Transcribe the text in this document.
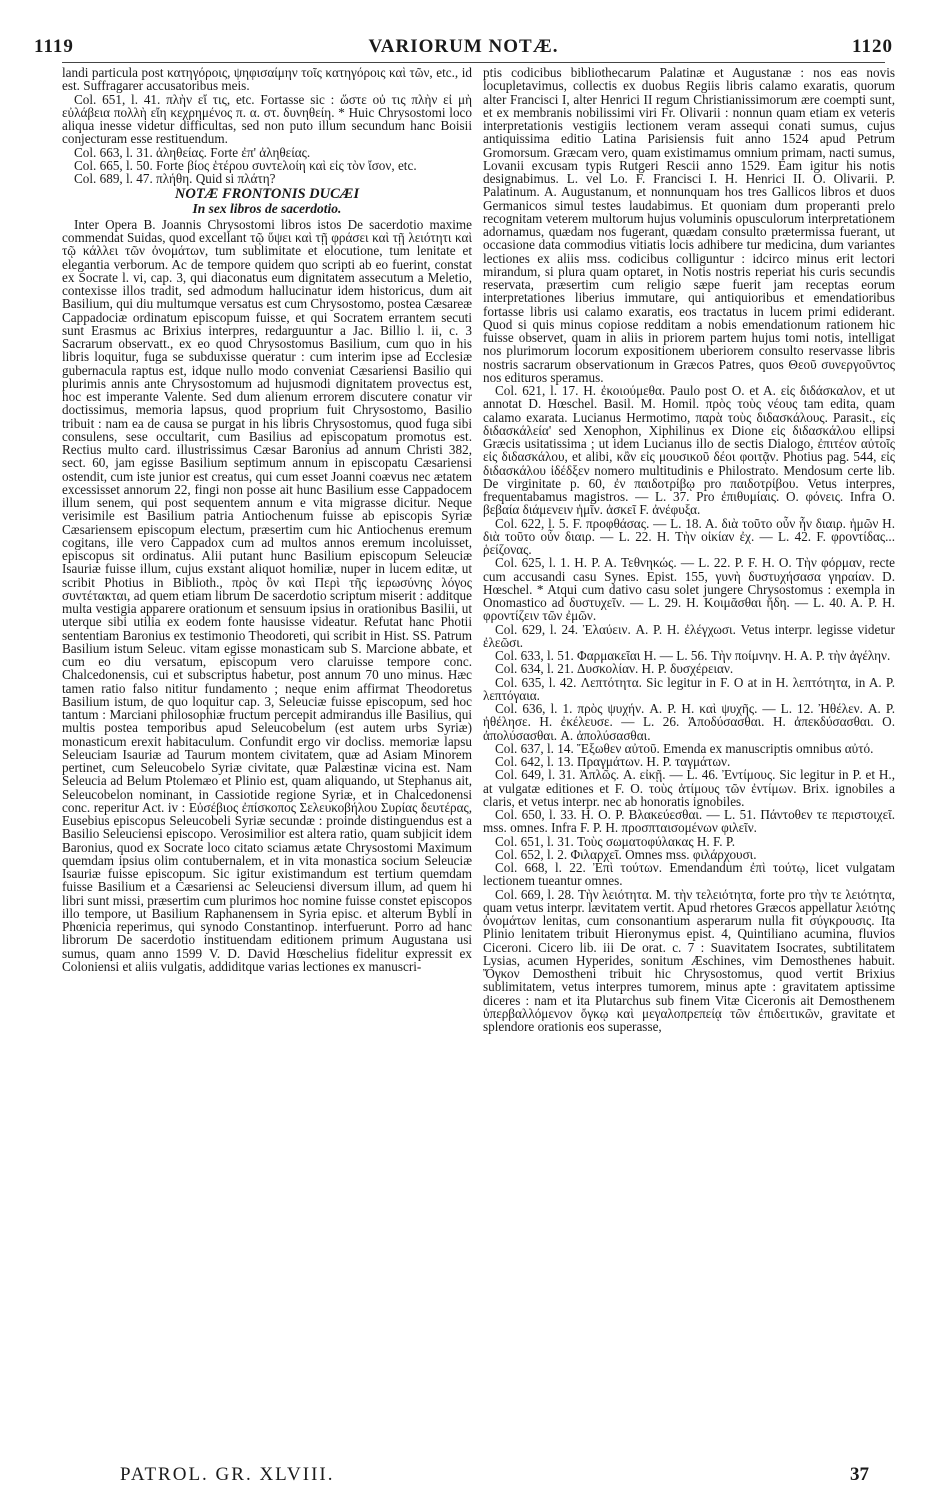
1119	VARIORUM NOTÆ.	1120

landi particula post κατηγόροις, ψηφισαίμην τοῖς κατηγόροις καὶ τῶν, etc., id est. Suffragarer accusatoribus meis.

Col. 651, l. 41. πλὴν εἴ τις, etc. Fortasse sic : ὥστε οὐ τις πλὴν εἰ μὴ εὐλάβεια πολλὴ εἴη κεχρημένος π. α. στ. δυνηθείη. * Huic Chrysostomi loco aliqua inesse videtur difficultas, sed non puto illum secundum hanc Boisii conjecturam esse restituendum.

Col. 663, l. 31. ἀληθείας. Forte ἐπ' ἀληθείας.

Col. 665, l. 50. Forte βίος ἑτέρου συντελοίη καὶ εἰς τὸν ἴσον, etc.

Col. 689, l. 47. πλήθη. Quid si πλάτη?

NOTÆ FRONTONIS DUCÆI

In sex libros de sacerdotio.

Inter Opera B. Joannis Chrysostomi libros istos De sacerdotio maxime commendat Suidas, quod excellant τῷ ὕψει καὶ τῇ φράσει καὶ τῇ λειότητι καὶ τῷ κάλλει τῶν ὀνομάτων, tum sublimitate et elocutione, tum lenitate et elegantia verborum. Ac de tempore quidem quo scripti ab eo fuerint, constat ex Socrate l. vi, cap. 3, qui diaconatus eum dignitatem assecutum a Meletio, contexisse illos tradit, sed admodum hallucinatur idem historicus, dum ait Basilium, qui diu multumque versatus est cum Chrysostomo, postea Cæsareæ Cappadociæ ordinatum episcopum fuisse, et qui Socratem errantem secuti sunt Erasmus ac Brixius interpres, redarguuntur a Jac. Billio l. ii, c. 3 Sacrarum observatt., ex eo quod Chrysostomus Basilium, cum quo in his libris loquitur, fuga se subduxisse queratur : cum interim ipse ad Ecclesiæ gubernacula raptus est, idque nullo modo conveniat Cæsariensi Basilio qui plurimis annis ante Chrysostomum ad hujusmodi dignitatem provectus est, hoc est imperante Valente. Sed dum alienum errorem discutere conatur vir doctissimus, memoria lapsus, quod proprium fuit Chrysostomo, Basilio tribuit : nam ea de causa se purgat in his libris Chrysostomus, quod fuga sibi consulens, sese occultarit, cum Basilius ad episcopatum promotus est. Rectius multo card. illustrissimus Cæsar Baronius ad annum Christi 382, sect. 60, jam egisse Basilium septimum annum in episcopatu Cæsariensi ostendit, cum iste junior est creatus, qui cum esset Joanni coævus nec ætatem excessisset annorum 22, fingi non posse ait hunc Basilium esse Cappadocem illum senem, qui post sequentem annum e vita migrasse dicitur. Neque verisimile est Basilium patria Antiochenum fuisse ab episcopis Syriæ Cæsariensem episcopum electum, præsertim cum hic Antiochenus eremum cogitans, ille vero Cappadox cum ad multos annos eremum incoluisset, episcopus sit ordinatus. Alii putant hunc Basilium episcopum Seleuciæ Isauriæ fuisse illum, cujus exstant aliquot homiliæ, nuper in lucem editæ, ut scribit Photius in Biblioth., πρὸς ὃν καὶ Περὶ τῆς ἱερωσύνης λόγος συντέτακται, ad quem etiam librum De sacerdotio scriptum miserit : additque multa vestigia apparere orationum et sensuum ipsius in orationibus Basilii, ut uterque sibi utilia ex eodem fonte hausisse videatur. Refutat hanc Photii sententiam Baronius ex testimonio Theodoreti, qui scribit in Hist. SS. Patrum Basilium istum Seleuc. vitam egisse monasticam sub S. Marcione abbate, et cum eo diu versatum, episcopum vero claruisse tempore conc. Chalcedonensis, cui et subscriptus habetur, post annum 70 uno minus. Hæc tamen ratio falso nititur fundamento ; neque enim affirmat Theodoretus Basilium istum, de quo loquitur cap. 3, Seleuciæ fuisse episcopum, sed hoc tantum : Marciani philosophiæ fructum percepit admirandus ille Basilius, qui multis postea temporibus apud Seleucobelum (est autem urbs Syriæ) monasticum erexit habitaculum. Confundit ergo vir docliss. memoriæ lapsu Seleuciam Isauriæ ad Taurum montem civitatem, quæ ad Asiam Minorem pertinet, cum Seleucobelo Syriæ civitate, quæ Palæstinæ vicina est. Nam Seleucia ad Belum Ptolemæo et Plinio est, quam aliquando, ut Stephanus ait, Seleucobelon nominant, in Cassiotide regione Syriæ, et in Chalcedonensi conc. reperitur Act. iv : Εὐσέβιος ἐπίσκοπος Σελευκοβήλου Συρίας δευτέρας, Eusebius episcopus Seleucobeli Syriæ secundæ : proinde distinguendus est a Basilio Seleuciensi episcopo. Verosimilior est altera ratio, quam subjicit idem Baronius, quod ex Socrate loco citato sciamus ætate Chrysostomi Maximum quemdam ipsius olim contubernalem, et in vita monastica socium Seleuciæ Isauriæ fuisse episcopum. Sic igitur existimandum est tertium quemdam fuisse Basilium et a Cæsariensi ac Seleuciensi diversum illum, ad quem hi libri sunt missi, præsertim cum plurimos hoc nomine fuisse constet episcopos illo tempore, ut Basilium Raphanensem in Syria episc. et alterum Bybli in Phœnicia reperimus, qui synodo Constantinop. interfuerunt. Porro ad hanc librorum De sacerdotio instituendam editionem primum Augustana usi sumus, quam anno 1599 V. D. David Hœschelius fidelitur expressit ex Coloniensi et aliis vulgatis, addiditque varias lectiones ex manuscri-

ptis codicibus bibliothecarum Palatinæ et Augustanæ : nos eas novis locupletavimus, collectis ex duobus Regiis libris calamo exaratis, quorum alter Francisci I, alter Henrici II regum Christianissimorum ære coempti sunt, et ex membranis nobilissimi viri Fr. Olivarii : nonnun quam etiam ex veteris interpretationis vestigiis lectionem veram assequi conati sumus, cujus antiquissima editio Latina Parisiensis fuit anno 1524 apud Petrum Gromorsum. Græcam vero, quam existimamus omnium primam, nacti sumus, Lovanii excusam typis Rutgeri Rescii anno 1529. Eam igitur his notis designabimus. L. vel Lo. F. Francisci I. H. Henrici II. O. Olivarii. P. Palatinum. A. Augustanum, et nonnunquam hos tres Gallicos libros et duos Germanicos simul testes laudabimus. Et quoniam dum properanti prelo recognitam veterem multorum hujus voluminis opusculorum interpretationem adornamus, quædam nos fugerant, quædam consulto prætermissa fuerant, ut occasione data commodius vitiatis locis adhibere tur medicina, dum variantes lectiones ex aliis mss. codicibus colliguntur : idcirco minus erit lectori mirandum, si plura quam optaret, in Notis nostris reperiat his curis secundis reservata, præsertim cum religio sæpe fuerit jam receptas eorum interpretationes liberius immutare, qui antiquioribus et emendatioribus fortasse libris usi calamo exaratis, eos tractatus in lucem primi ediderant. Quod si quis minus copiose redditam a nobis emendationum rationem hic fuisse observet, quam in aliis in priorem partem hujus tomi notis, intelligat nos plurimorum locorum expositionem uberiorem consulto reservasse libris nostris sacrarum observationum in Græcos Patres, quos Θεοῦ συνεργοῦντος nos edituros speramus.

Col. 621, l. 17. H. ἐκοιούμεθα. Paulo post O. et A. εἰς διδάσκαλον, et ut annotat D. Hœschel. Basil. M. Homil. πρὸς τοὺς νέους tam edita, quam calamo exarata. Lucianus Hermotimo, παρὰ τοὺς διδασκάλους. Parasit., εἰς διδασκάλεία' sed Xenophon, Xiphilinus ex Dione εἰς διδασκάλου ellipsi Græcis usitatissima ; ut idem Lucianus illo de sectis Dialogo, ἐπιτέον αὐτοῖς εἰς διδασκάλου, et alibi, κἂν εἰς μουσικοῦ δέοι φοιτᾷν. Photius pag. 544, εἰς διδασκάλου ἰδέδξεν nomero multitudinis e Philostrato. Mendosum certe lib. De virginitate p. 60, ἐν παιδοτρίβῳ pro παιδοτρίβου. Vetus interpres, frequentabamus magistros. — L. 37. Pro ἐπιθυμίαις. O. φόνεις. Infra O. βεβαία διάμενειν ἡμῖν. ἀσκεῖ F. ἀνέφυξα.

Col. 622, l. 5. F. προφθάσας. — L. 18. A. διὰ τοῦτο οὖν ἦν διαιρ. ἡμῶν H. διὰ τοῦτο οὖν διαιρ. — L. 22. H. Τὴν οἰκίαν ἐχ. — L. 42. F. φροντίδας... ῥείζονας.

Col. 625, l. 1. H. P. A. Τεθνηκώς. — L. 22. P. F. H. O. Τὴν φόρμαν, recte cum accusandi casu Synes. Epist. 155, γυνὴ δυστυχήσασα γηραίαν. D. Hœschel. * Atqui cum dativo casu solet jungere Chrysostomus : exempla in Onomastico ad δυστυχεῖν. — L. 29. H. Κοιμᾶσθαι ἤδη. — L. 40. A. P. H. φροντίζειν τῶν ἐμῶν.

Col. 629, l. 24. Ἐλαύειν. A. P. H. ἐλέγχωσι. Vetus interpr. legisse videtur ἐλεῶσι.

Col. 633, l. 51. Φαρμακεῖαι H. — L. 56. Τὴν ποίμνην. H. A. P. τὴν ἀγέλην.

Col. 634, l. 21. Δυσκολίαν. H. P. δυσχέρειαν.

Col. 635, l. 42. Λεπτότητα. Sic legitur in F. O at in H. λεπτότητα, in A. P. λεπτόγαια.

Col. 636, l. 1. πρὸς ψυχήν. A. P. H. καὶ ψυχῆς. — L. 12. Ἠθέλεν. A. P. ἠθέλησε. H. ἐκέλευσε. — L. 26. Ἀποδύσασθαι. H. ἀπεκδύσασθαι. O. ἀπολύσασθαι. A. ἀπολύσασθαι.

Col. 637, l. 14. Ἔξωθεν αὐτοῦ. Emenda ex manuscriptis omnibus αὐτό.

Col. 642, l. 13. Πραγμάτων. H. P. ταγμάτων.

Col. 649, l. 31. Ἀπλῶς. A. εἰκῇ. — L. 46. Ἐντίμους. Sic legitur in P. et H., at vulgatæ editiones et F. O. τοὺς ἀτίμους τῶν ἐντίμων. Brix. ignobiles a claris, et vetus interpr. nec ab honoratis ignobiles.

Col. 650, l. 33. H. O. P. Βλακεύεσθαι. — L. 51. Πάντοθεν τε περιστοιχεῖ. mss. omnes. Infra F. P. H. προσπταισομένων φιλεῖν.

Col. 651, l. 31. Τοὺς σωματοφύλακας H. F. P.

Col. 652, l. 2. Φιλαρχεῖ. Omnes mss. φιλάρχουσι.

Col. 668, l. 22. Ἐπὶ τούτων. Emendandum ἐπὶ τούτῳ, licet vulgatam lectionem tueantur omnes.

Col. 669, l. 28. Τὴν λειότητα. M. τὴν τελειότητα, forte pro τὴν τε λειότητα, quam vetus interpr. lævitatem vertit. Apud rhetores Græcos appellatur λειότης ὀνομάτων lenitas, cum consonantium asperarum nulla fit σύγκρουσις. Ita Plinio lenitatem tribuit Hieronymus epist. 4, Quintiliano acumina, fluvios Ciceroni. Cicero lib. iii De orat. c. 7 : Suavitatem Isocrates, subtilitatem Lysias, acumen Hyperides, sonitum Æschines, vim Demosthenes habuit. Ὄγκον Demostheni tribuit hic Chrysostomus, quod vertit Brixius sublimitatem, vetus interpres tumorem, minus apte : gravitatem aptissime diceres : nam et ita Plutarchus sub finem Vitæ Ciceronis ait Demosthenem ὑπερβαλλόμενον ὄγκῳ καὶ μεγαλοπρεπείᾳ τῶν ἐπιδειτικῶν, gravitate et splendore orationis eos superasse,

PATROL. GR. XLVIII.	37
